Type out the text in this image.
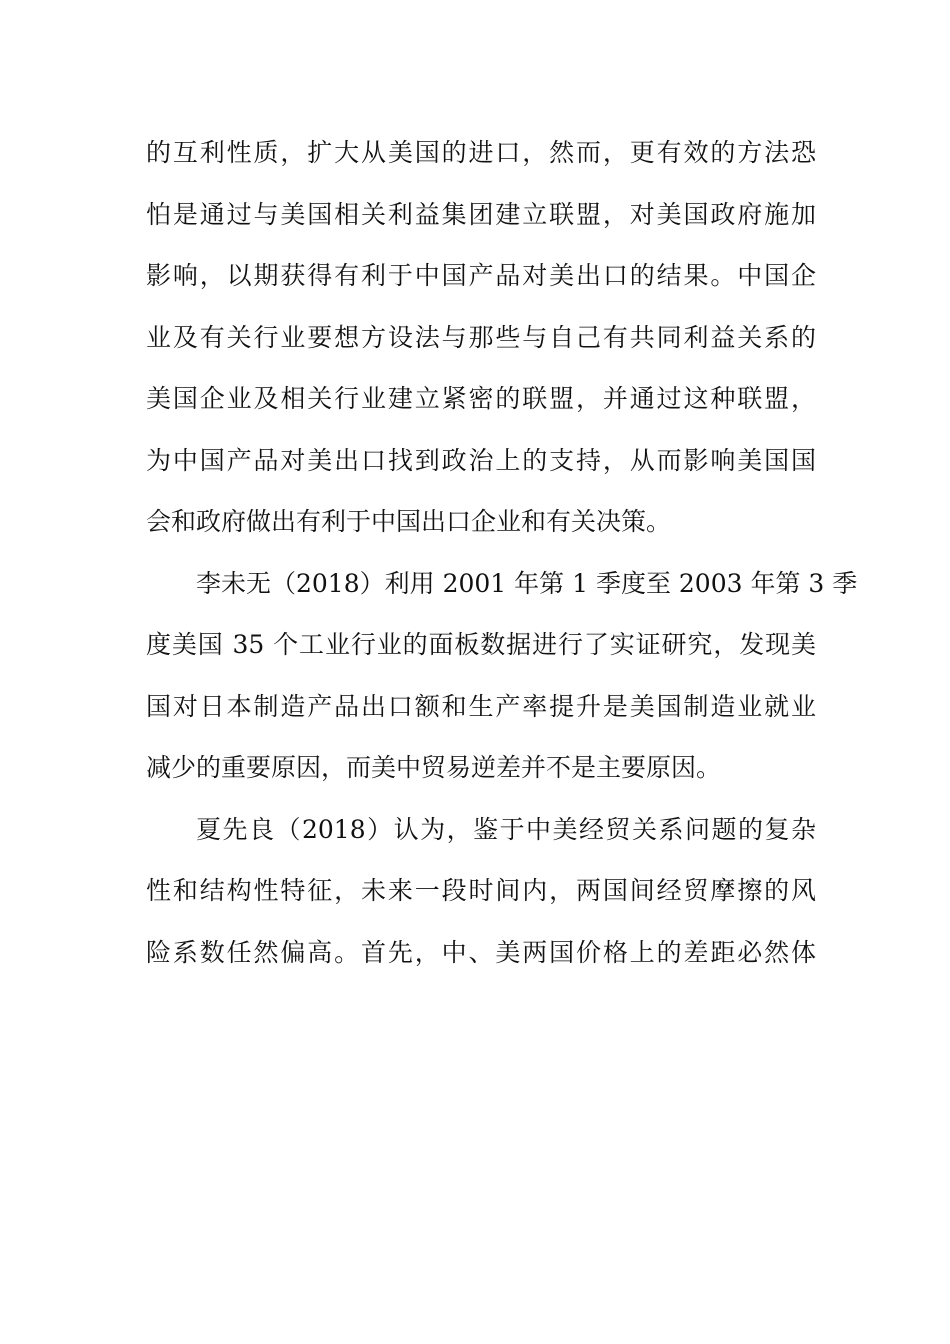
的互利性质，扩大从美国的进口，然而，更有效的方法恐
怕是通过与美国相关利益集团建立联盟，对美国政府施加
影响，以期获得有利于中国产品对美出口的结果。中国企
业及有关行业要想方设法与那些与自己有共同利益关系的
美国企业及相关行业建立紧密的联盟，并通过这种联盟，
为中国产品对美出口找到政治上的支持，从而影响美国国
会和政府做出有利于中国出口企业和有关决策。
李未无（2018）利用 2001 年第 1 季度至 2003 年第 3 季
度美国 35 个工业行业的面板数据进行了实证研究，发现美
国对日本制造产品出口额和生产率提升是美国制造业就业
减少的重要原因，而美中贸易逆差并不是主要原因。
夏先良（2018）认为，鉴于中美经贸关系问题的复杂
性和结构性特征，未来一段时间内，两国间经贸摩擦的风
险系数任然偏高。首先，中、美两国价格上的差距必然体
